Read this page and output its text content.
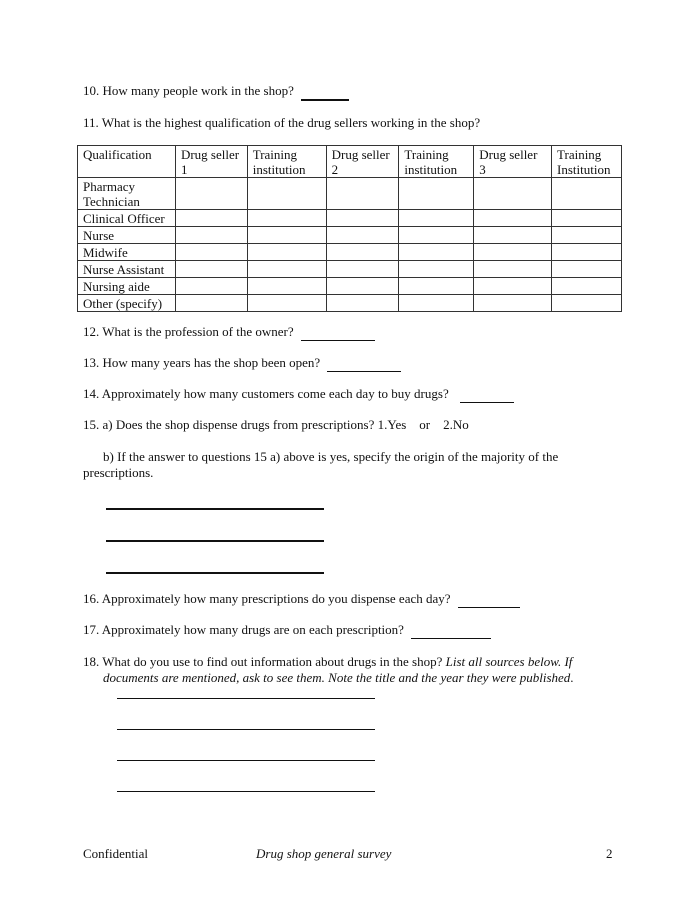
10. How many people work in the shop?
11. What is the highest qualification of the drug sellers working in the shop?
Qualification	Drug seller 1	Training institution	Drug seller 2	Training institution	Drug seller 3	Training Institution
Pharmacy Technician						
Clinical Officer						
Nurse						
Midwife						
Nurse Assistant						
Nursing aide						
Other (specify)						
12. What is the profession of the owner?
13. How many years has the shop been open?
14. Approximately how many customers come each day to buy drugs?
15. a) Does the shop dispense drugs from prescriptions? 1.Yes    or    2.No
b) If the answer to questions 15 a) above is yes, specify the origin of the majority of the
prescriptions.
16. Approximately how many prescriptions do you dispense each day?
17. Approximately how many drugs are on each prescription?
18. What do you use to find out information about drugs in the shop? List all sources below. If
documents are mentioned, ask to see them. Note the title and the year they were published.
Confidential	Drug shop general survey	2
